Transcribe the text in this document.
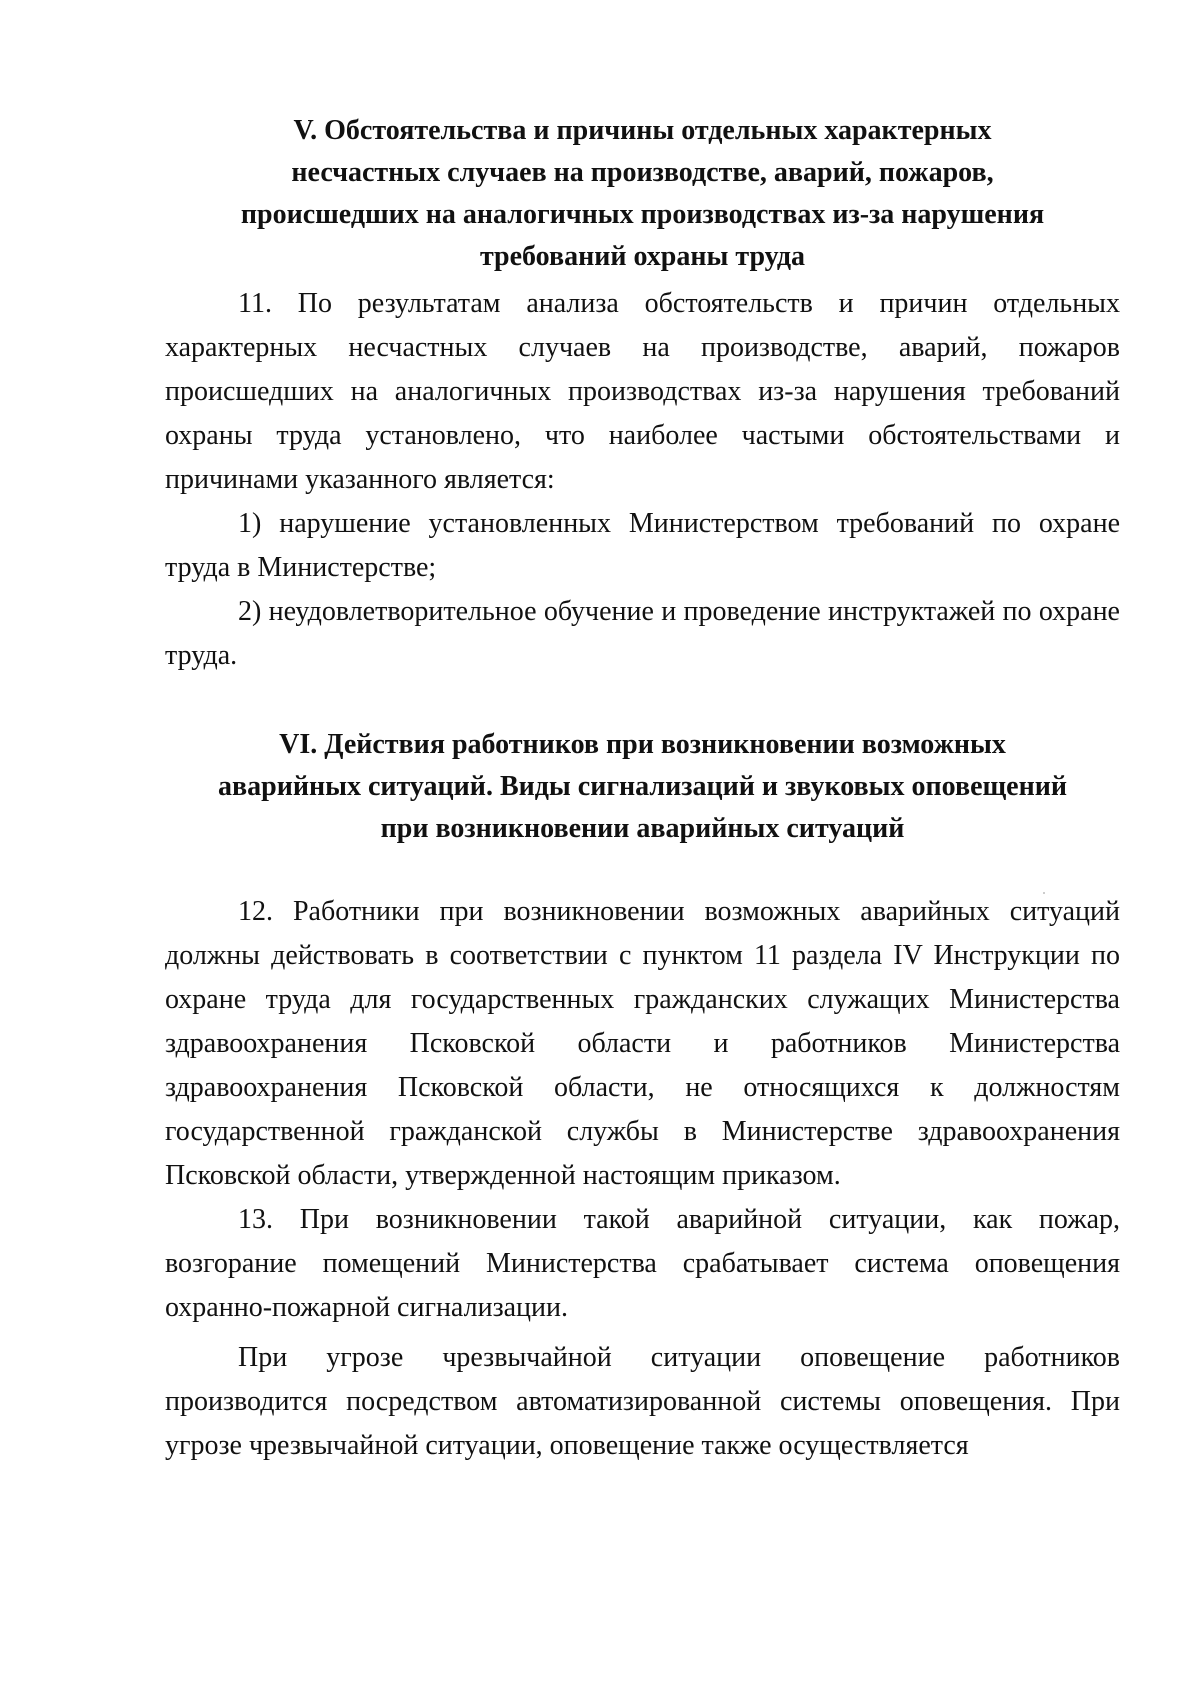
V. Обстоятельства и причины отдельных характерных
несчастных случаев на производстве, аварий, пожаров,
происшедших на аналогичных производствах из-за нарушения
требований охраны труда

11. По результатам анализа обстоятельств и причин отдельных характерных несчастных случаев на производстве, аварий, пожаров происшедших на аналогичных производствах из-за нарушения требований охраны труда установлено, что наиболее частыми обстоятельствами и причинами указанного является:

1) нарушение установленных Министерством требований по охране труда в Министерстве;

2) неудовлетворительное обучение и проведение инструктажей по охране труда.

VI. Действия работников при возникновении возможных
аварийных ситуаций. Виды сигнализаций и звуковых оповещений
при возникновении аварийных ситуаций

12. Работники при возникновении возможных аварийных ситуаций должны действовать в соответствии с пунктом 11 раздела IV Инструкции по охране труда для государственных гражданских служащих Министерства здравоохранения Псковской области и работников Министерства здравоохранения Псковской области, не относящихся к должностям государственной гражданской службы в Министерстве здравоохранения Псковской области, утвержденной настоящим приказом.

13. При возникновении такой аварийной ситуации, как пожар, возгорание помещений Министерства срабатывает система оповещения охранно-пожарной сигнализации.

При угрозе чрезвычайной ситуации оповещение работников производится посредством автоматизированной системы оповещения. При угрозе чрезвычайной ситуации, оповещение также осуществляется
